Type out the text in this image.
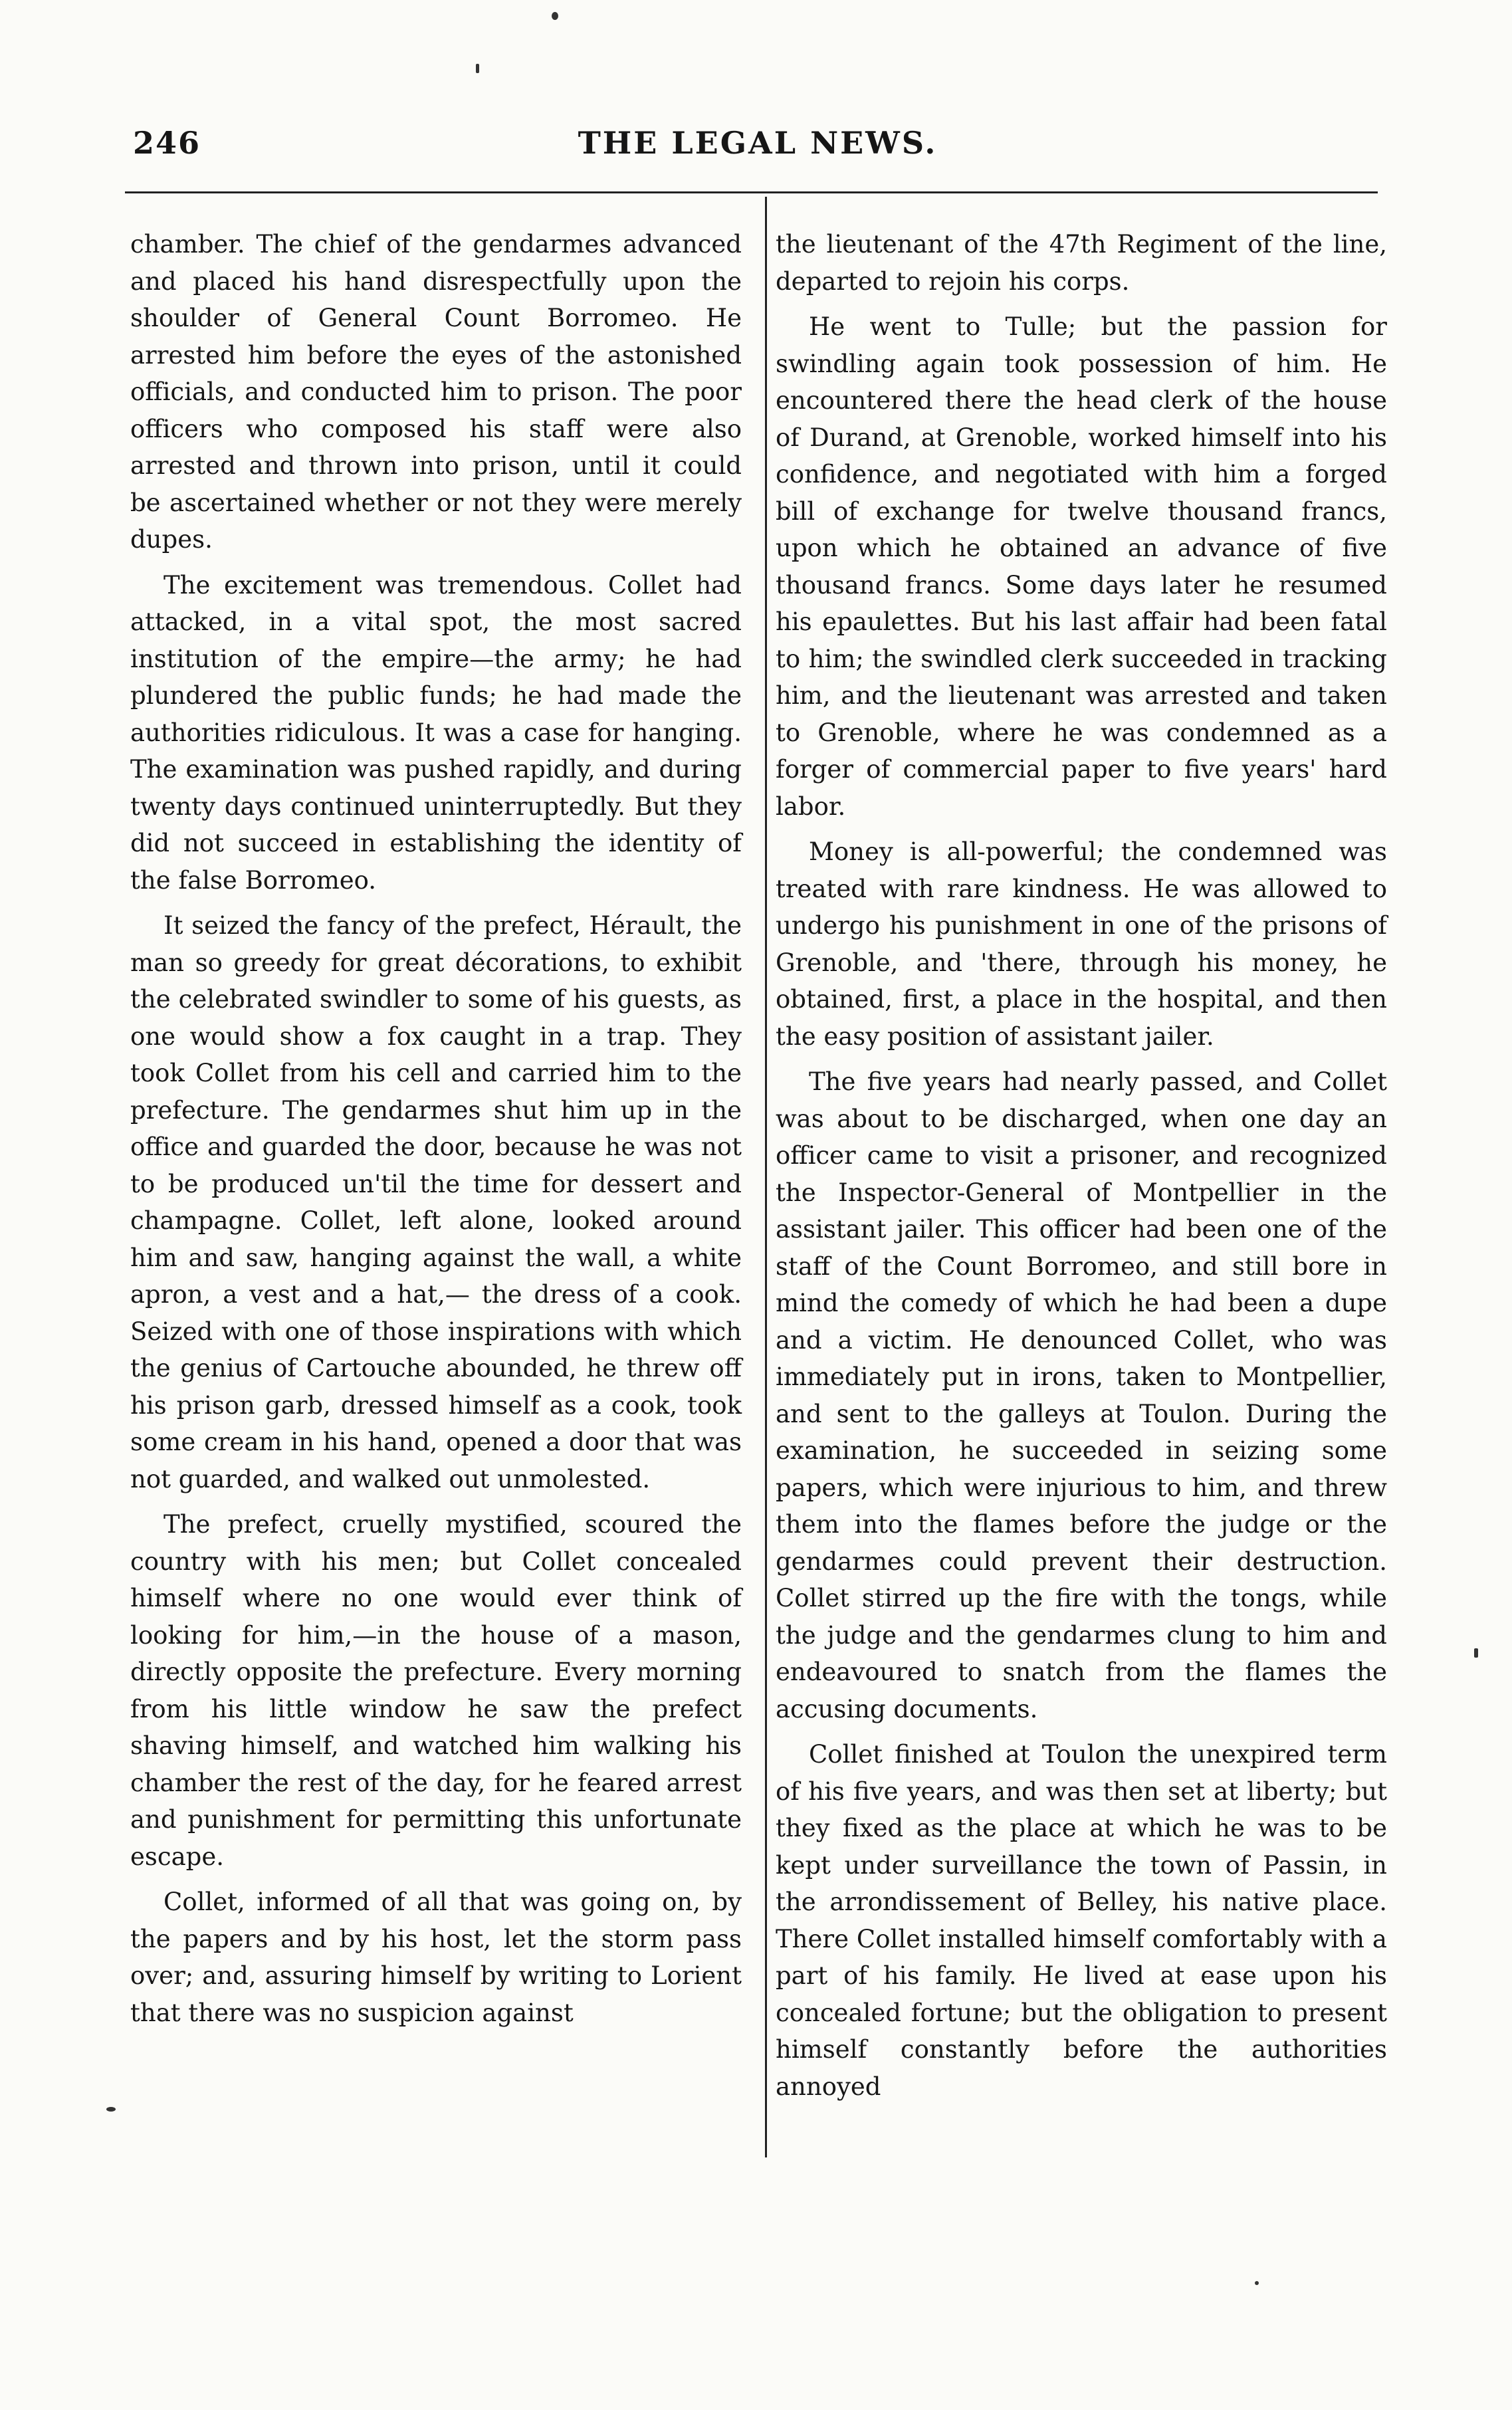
246	THE LEGAL NEWS.

chamber. The chief of the gendarmes advanced and placed his hand disrespectfully upon the shoulder of General Count Borromeo. He arrested him before the eyes of the astonished officials, and conducted him to prison. The poor officers who composed his staff were also arrested and thrown into prison, until it could be ascertained whether or not they were merely dupes.

The excitement was tremendous. Collet had attacked, in a vital spot, the most sacred institution of the empire—the army; he had plundered the public funds; he had made the authorities ridiculous. It was a case for hanging. The examination was pushed rapidly, and during twenty days continued uninterruptedly. But they did not succeed in establishing the identity of the false Borromeo.

It seized the fancy of the prefect, Hérault, the man so greedy for great décorations, to exhibit the celebrated swindler to some of his guests, as one would show a fox caught in a trap. They took Collet from his cell and carried him to the prefecture. The gendarmes shut him up in the office and guarded the door, because he was not to be produced un'til the time for dessert and champagne. Collet, left alone, looked around him and saw, hanging against the wall, a white apron, a vest and a hat,— the dress of a cook. Seized with one of those inspirations with which the genius of Cartouche abounded, he threw off his prison garb, dressed himself as a cook, took some cream in his hand, opened a door that was not guarded, and walked out unmolested.

The prefect, cruelly mystified, scoured the country with his men; but Collet concealed himself where no one would ever think of looking for him,—in the house of a mason, directly opposite the prefecture. Every morning from his little window he saw the prefect shaving himself, and watched him walking his chamber the rest of the day, for he feared arrest and punishment for permitting this unfortunate escape.

Collet, informed of all that was going on, by the papers and by his host, let the storm pass over; and, assuring himself by writing to Lorient that there was no suspicion against

the lieutenant of the 47th Regiment of the line, departed to rejoin his corps.

He went to Tulle; but the passion for swindling again took possession of him. He encountered there the head clerk of the house of Durand, at Grenoble, worked himself into his confidence, and negotiated with him a forged bill of exchange for twelve thousand francs, upon which he obtained an advance of five thousand francs. Some days later he resumed his epaulettes. But his last affair had been fatal to him; the swindled clerk succeeded in tracking him, and the lieutenant was arrested and taken to Grenoble, where he was condemned as a forger of commercial paper to five years' hard labor.

Money is all-powerful; the condemned was treated with rare kindness. He was allowed to undergo his punishment in one of the prisons of Grenoble, and 'there, through his money, he obtained, first, a place in the hospital, and then the easy position of assistant jailer.

The five years had nearly passed, and Collet was about to be discharged, when one day an officer came to visit a prisoner, and recognized the Inspector-General of Montpellier in the assistant jailer. This officer had been one of the staff of the Count Borromeo, and still bore in mind the comedy of which he had been a dupe and a victim. He denounced Collet, who was immediately put in irons, taken to Montpellier, and sent to the galleys at Toulon. During the examination, he succeeded in seizing some papers, which were injurious to him, and threw them into the flames before the judge or the gendarmes could prevent their destruction. Collet stirred up the fire with the tongs, while the judge and the gendarmes clung to him and endeavoured to snatch from the flames the accusing documents.

Collet finished at Toulon the unexpired term of his five years, and was then set at liberty; but they fixed as the place at which he was to be kept under surveillance the town of Passin, in the arrondissement of Belley, his native place. There Collet installed himself comfortably with a part of his family. He lived at ease upon his concealed fortune; but the obligation to present himself constantly before the authorities annoyed
